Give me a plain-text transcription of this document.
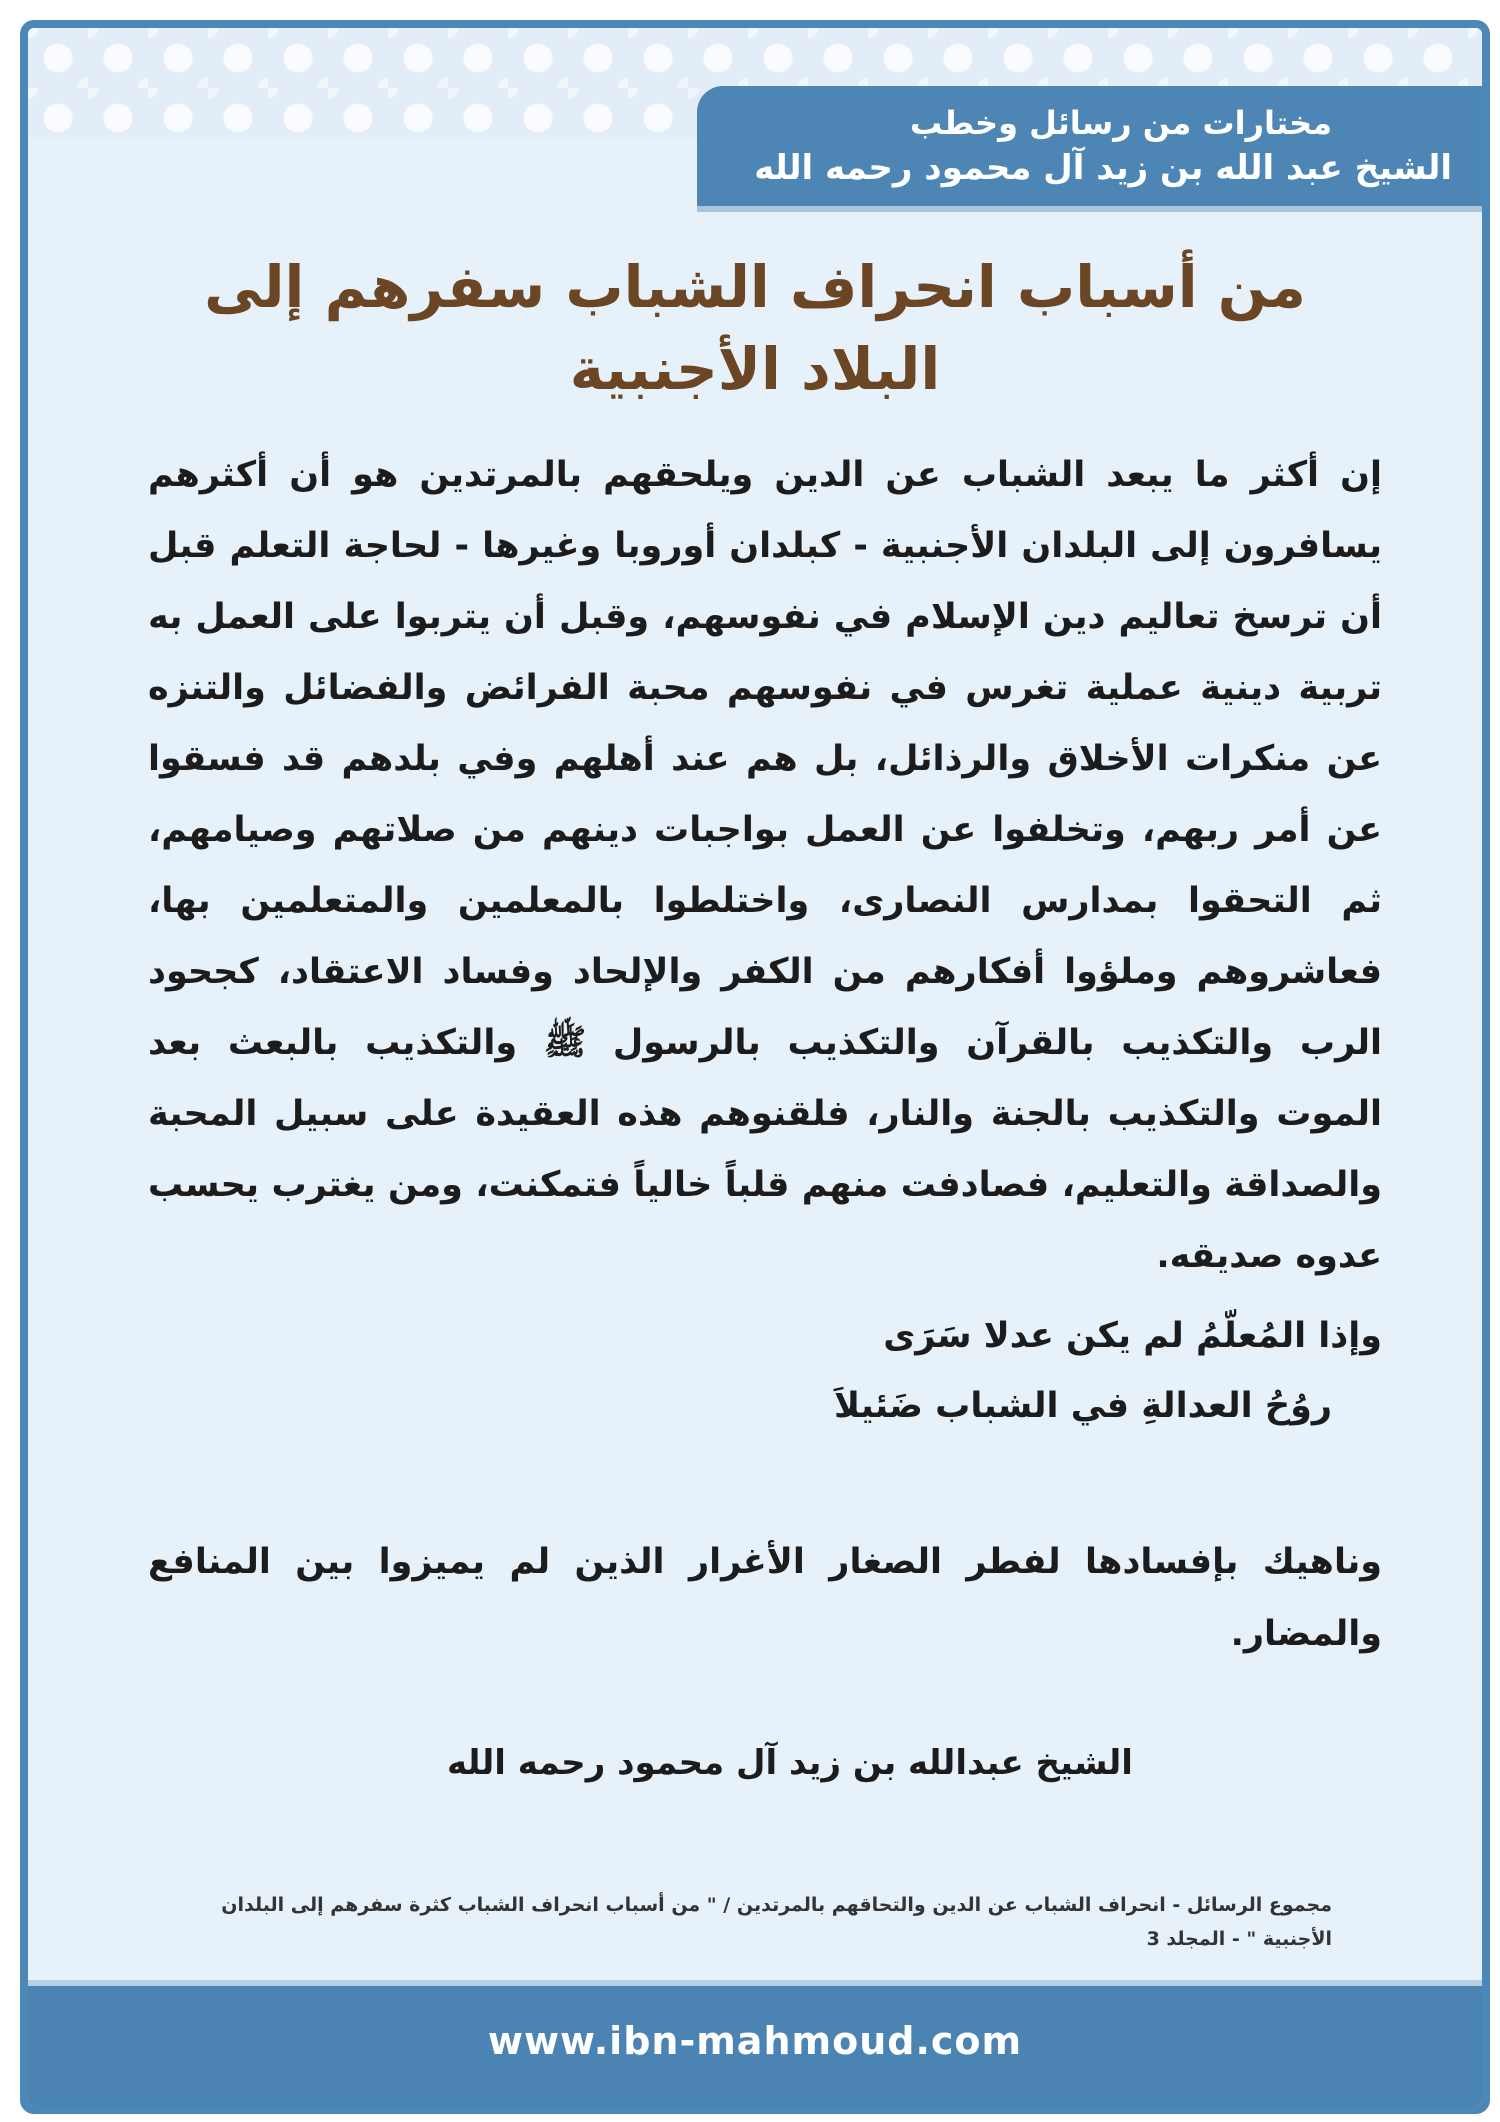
مختارات من رسائل وخطب
الشيخ عبد الله بن زيد آل محمود رحمه الله
من أسباب انحراف الشباب سفرهم إلى البلاد الأجنبية
إن أكثر ما يبعد الشباب عن الدين ويلحقهم بالمرتدين هو أن أكثرهم يسافرون إلى البلدان الأجنبية - كبلدان أوروبا وغيرها - لحاجة التعلم قبل أن ترسخ تعاليم دين الإسلام في نفوسهم، وقبل أن يتربوا على العمل به تربية دينية عملية تغرس في نفوسهم محبة الفرائض والفضائل والتنزه عن منكرات الأخلاق والرذائل، بل هم عند أهلهم وفي بلدهم قد فسقوا عن أمر ربهم، وتخلفوا عن العمل بواجبات دينهم من صلاتهم وصيامهم، ثم التحقوا بمدارس النصارى، واختلطوا بالمعلمين والمتعلمين بها، فعاشروهم وملؤوا أفكارهم من الكفر والإلحاد وفساد الاعتقاد، كجحود الرب والتكذيب بالقرآن والتكذيب بالرسول ﷺ والتكذيب بالبعث بعد الموت والتكذيب بالجنة والنار، فلقنوهم هذه العقيدة على سبيل المحبة والصداقة والتعليم، فصادفت منهم قلباً خالياً فتمكنت، ومن يغترب يحسب عدوه صديقه.
وإذا المُعلّمُ لم يكن عدلا سَرَى
روُحُ العدالةِ في الشباب ضَئيلاَ
وناهيك بإفسادها لفطر الصغار الأغرار الذين لم يميزوا بين المنافع والمضار.
الشيخ عبدالله بن زيد آل محمود رحمه الله
مجموع الرسائل - انحراف الشباب عن الدين والتحاقهم بالمرتدين / " من أسباب انحراف الشباب كثرة سفرهم إلى البلدان الأجنبية " - المجلد 3
www.ibn-mahmoud.com
